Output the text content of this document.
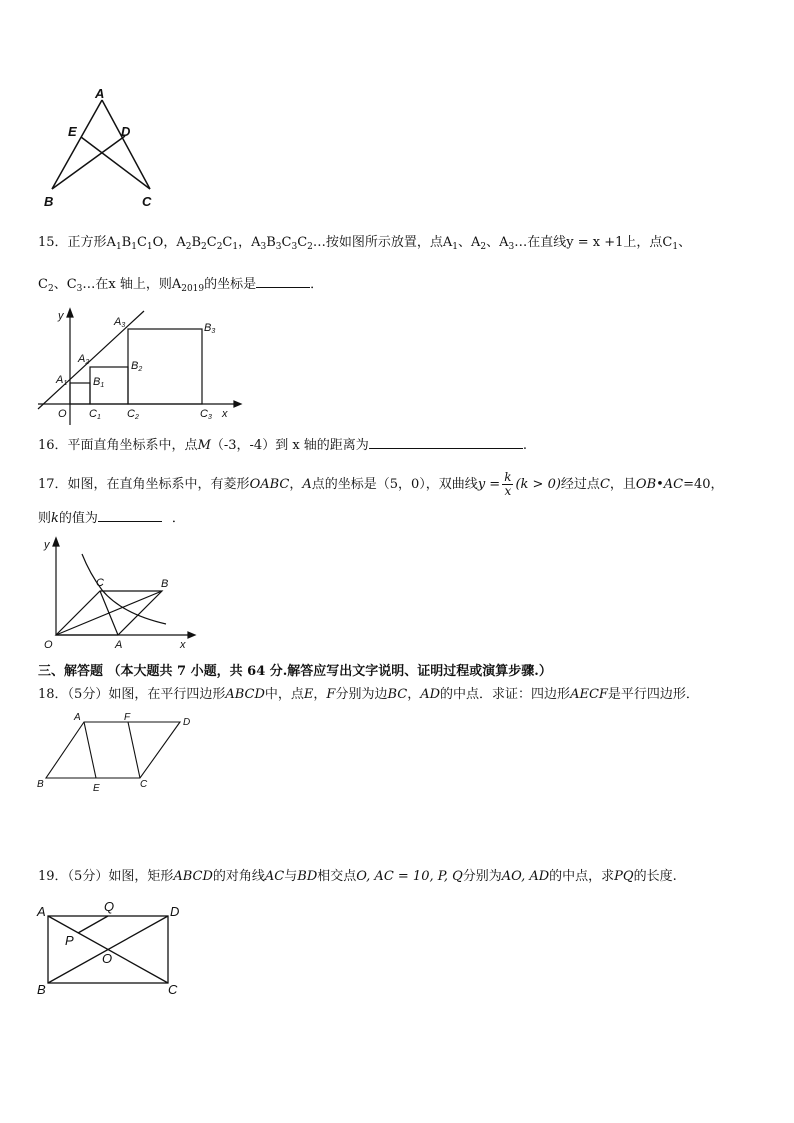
A
E	D
B	C
15．正方形$A_1B_1C_1O$，$A_2B_2C_2C_1$，$A_3B_3C_3C_2\dots$按如图所示放置，点$A_1$、$A_2$、$A_3\dots$在直线y = x +1上，点$C_1$、
$C_2$、$C_3\dots$在x 轴上，则$A_{2019}$的坐标是	．
y
x
O
A1
A2
A3
B1
B2
B3
C1 C2	C3
16．平面直角坐标系中，点M（-3，-4）到 x 轴的距离为	.
17．如图，在直角坐标系中，有菱形OABC，A点的坐标是（5，0），双曲线$y = \frac{k}{x} (k > 0)$经过点C，且OB•AC=40，
则k的值为	．
y
x
O	A
C	B
三、解答题 （本大题共 7 小题，共 64 分.解答应写出文字说明、证明过程或演算步骤.）
18．（5分）如图，在平行四边形ABCD中，点E，F分别为边BC，AD的中点．求证：四边形AECF是平行四边形．
A	F	D
B	E	C
19．（5分）如图，矩形ABCD的对角线AC与BD相交点O, AC = 10, P, Q分别为AO, AD的中点，求PQ的长度.
A	Q	D
P
O
B	C
